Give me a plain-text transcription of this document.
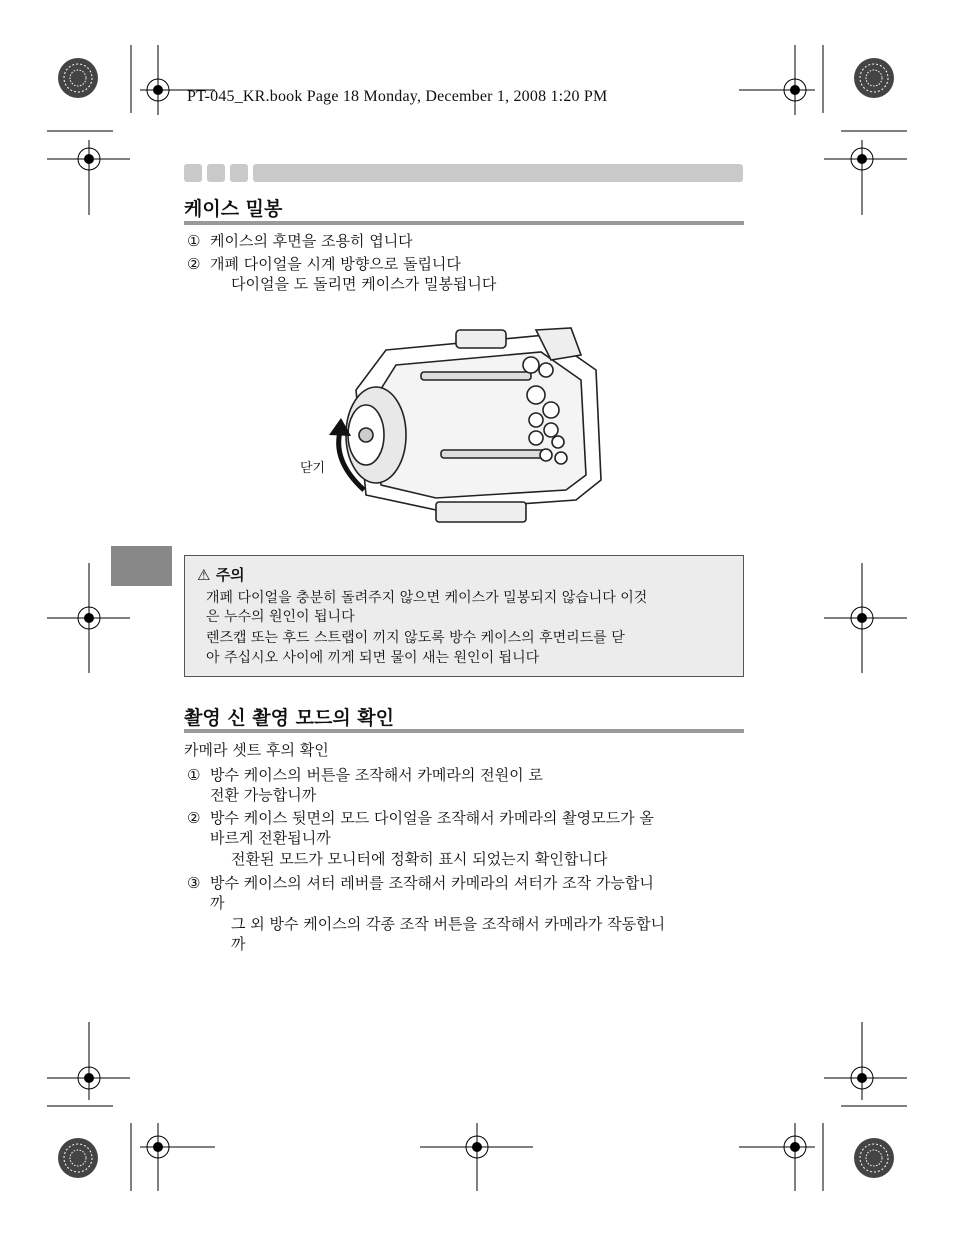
PT-045_KR.book Page 18 Monday, December 1, 2008 1:20 PM
케이스 밀봉
① 케이스의 후면을 조용히 엽니다
② 개폐 다이얼을 시계 방향으로 돌립니다
다이얼을 도 돌리면 케이스가 밀봉됩니다
닫기
⚠ 주의
개페 다이얼을 충분히 돌려주지 않으면 케이스가 밀봉되지 않습니다 이것
은 누수의 원인이 됩니다
렌즈캡 또는 후드 스트랩이 끼지 않도록 방수 케이스의 후면리드를 닫
아 주십시오 사이에 끼게 되면 물이 새는 원인이 됩니다
촬영 신 촬영 모드의 확인
카메라 셋트 후의 확인
① 방수 케이스의 버튼을 조작해서 카메라의 전원이 로
전환 가능합니까
② 방수 케이스 뒷면의 모드 다이얼을 조작해서 카메라의 촬영모드가 올
바르게 전환됩니까
전환된 모드가 모니터에 정확히 표시 되었는지 확인합니다
③ 방수 케이스의 셔터 레버를 조작해서 카메라의 셔터가 조작 가능합니
까
그 외 방수 케이스의 각종 조작 버튼을 조작해서 카메라가 작동합니
까
